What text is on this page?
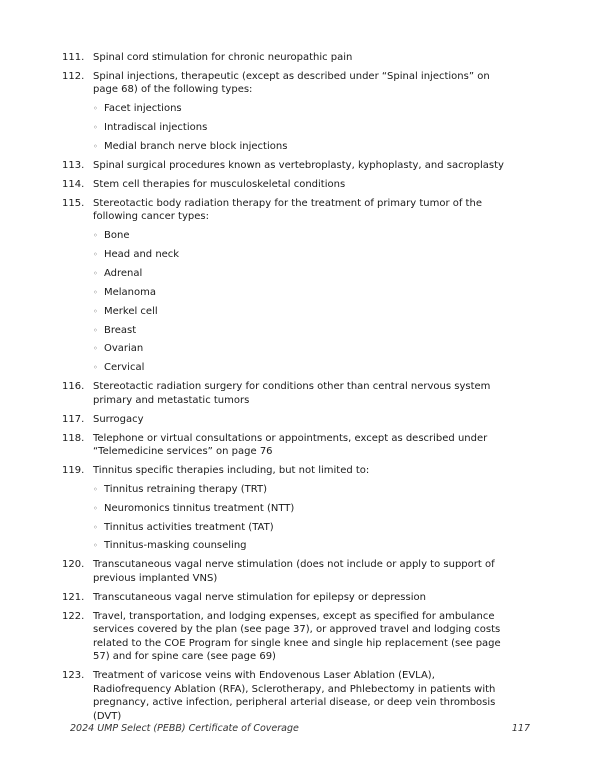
111. Spinal cord stimulation for chronic neuropathic pain
112. Spinal injections, therapeutic (except as described under “Spinal injections” on page 68) of the following types:
◦ Facet injections
◦ Intradiscal injections
◦ Medial branch nerve block injections
113. Spinal surgical procedures known as vertebroplasty, kyphoplasty, and sacroplasty
114. Stem cell therapies for musculoskeletal conditions
115. Stereotactic body radiation therapy for the treatment of primary tumor of the following cancer types:
◦ Bone
◦ Head and neck
◦ Adrenal
◦ Melanoma
◦ Merkel cell
◦ Breast
◦ Ovarian
◦ Cervical
116. Stereotactic radiation surgery for conditions other than central nervous system primary and metastatic tumors
117. Surrogacy
118. Telephone or virtual consultations or appointments, except as described under “Telemedicine services” on page 76
119. Tinnitus specific therapies including, but not limited to:
◦ Tinnitus retraining therapy (TRT)
◦ Neuromonics tinnitus treatment (NTT)
◦ Tinnitus activities treatment (TAT)
◦ Tinnitus-masking counseling
120. Transcutaneous vagal nerve stimulation (does not include or apply to support of previous implanted VNS)
121. Transcutaneous vagal nerve stimulation for epilepsy or depression
122. Travel, transportation, and lodging expenses, except as specified for ambulance services covered by the plan (see page 37), or approved travel and lodging costs related to the COE Program for single knee and single hip replacement (see page 57) and for spine care (see page 69)
123. Treatment of varicose veins with Endovenous Laser Ablation (EVLA), Radiofrequency Ablation (RFA), Sclerotherapy, and Phlebectomy in patients with pregnancy, active infection, peripheral arterial disease, or deep vein thrombosis (DVT)
2024 UMP Select (PEBB) Certificate of Coverage	117
